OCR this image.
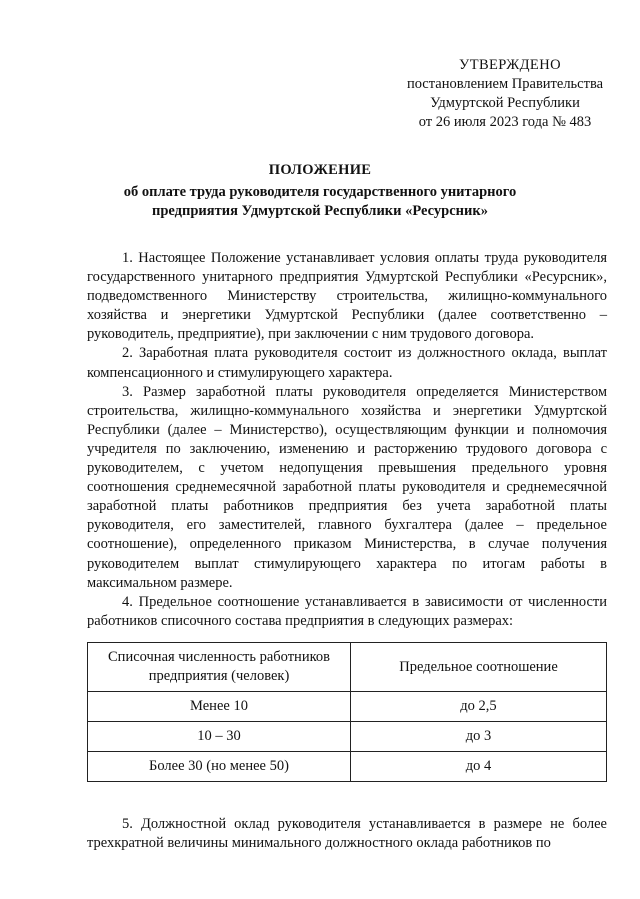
УТВЕРЖДЕНО
постановлением Правительства
Удмуртской Республики
от 26 июля 2023 года № 483
ПОЛОЖЕНИЕ
об оплате труда руководителя государственного унитарного
предприятия Удмуртской Республики «Ресурсник»

1. Настоящее Положение устанавливает условия оплаты труда руководителя государственного унитарного предприятия Удмуртской Республики «Ресурсник», подведомственного Министерству строительства, жилищно-коммунального хозяйства и энергетики Удмуртской Республики (далее соответственно – руководитель, предприятие), при заключении с ним трудового договора.

2. Заработная плата руководителя состоит из должностного оклада, выплат компенсационного и стимулирующего характера.

3. Размер заработной платы руководителя определяется Министерством строительства, жилищно-коммунального хозяйства и энергетики Удмуртской Республики (далее – Министерство), осуществляющим функции и полномочия учредителя по заключению, изменению и расторжению трудового договора с руководителем, с учетом недопущения превышения предельного уровня соотношения среднемесячной заработной платы руководителя и среднемесячной заработной платы работников предприятия без учета заработной платы руководителя, его заместителей, главного бухгалтера (далее – предельное соотношение), определенного приказом Министерства, в случае получения руководителем выплат стимулирующего характера по итогам работы в максимальном размере.

4. Предельное соотношение устанавливается в зависимости от численности работников списочного состава предприятия в следующих размерах:

Списочная численность работников предприятия (человек)	Предельное соотношение
Менее 10	до 2,5
10 – 30	до 3
Более 30 (но менее 50)	до 4

5. Должностной оклад руководителя устанавливается в размере не более трехкратной величины минимального должностного оклада работников по
